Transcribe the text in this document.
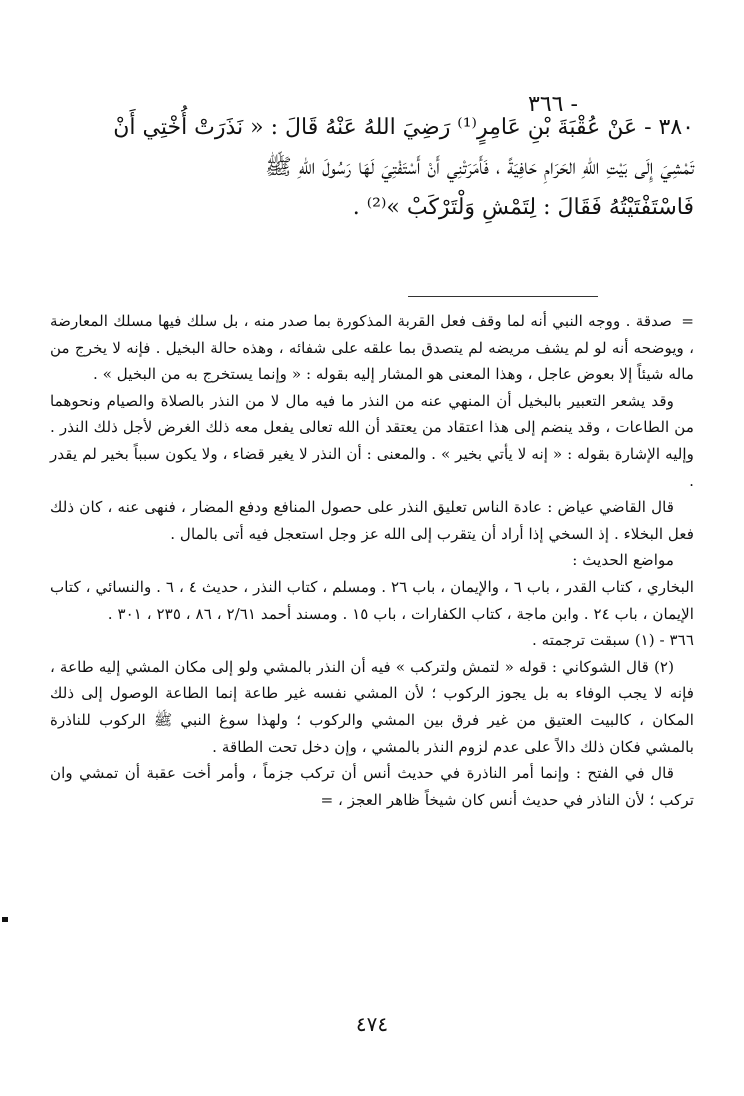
٣٦٦ -

٣٨٠ - عَنْ عُقْبَةَ بْنِ عَامِرٍ⁽¹⁾ رَضِيَ اللهُ عَنْهُ قَالَ : « نَذَرَتْ أُخْتِي أَنْ

تَمْشِيَ إِلَى بَيْتِ اللهِ الحَرَامِ حَافِيَةً ، فَأَمَرَتْنِي أَنْ أَسْتَفْتِيَ لَهَا رَسُولَ اللهِ ﷺ

فَاسْتَفْتَيْتُهُ فَقَالَ : لِتَمْشِ وَلْتَرْكَبْ »⁽²⁾ .

=صدقة . ووجه النبي أنه لما وقف فعل القربة المذكورة بما صدر منه ، بل سلك فيها مسلك المعارضة ، ويوضحه أنه لو لم يشف مريضه لم يتصدق بما علقه على شفائه ، وهذه حالة البخيل . فإنه لا يخرج من ماله شيئاً إلا بعوض عاجل ، وهذا المعنى هو المشار إليه بقوله : « وإنما يستخرج به من البخيل » .

وقد يشعر التعبير بالبخيل أن المنهي عنه من النذر ما فيه مال لا من النذر بالصلاة والصيام ونحوهما من الطاعات ، وقد ينضم إلى هذا اعتقاد من يعتقد أن الله تعالى يفعل معه ذلك الغرض لأجل ذلك النذر . وإليه الإشارة بقوله : « إنه لا يأتي بخير » . والمعنى : أن النذر لا يغير قضاء ، ولا يكون سبباً بخير لم يقدر .

قال القاضي عياض : عادة الناس تعليق النذر على حصول المنافع ودفع المضار ، فنهى عنه ، كان ذلك فعل البخلاء . إذ السخي إذا أراد أن يتقرب إلى الله عز وجل استعجل فيه أتى بالمال .

مواضع الحديث :

البخاري ، كتاب القدر ، باب ٦ ، والإيمان ، باب ٢٦ . ومسلم ، كتاب النذر ، حديث ٤ ، ٦ . والنسائي ، كتاب الإيمان ، باب ٢٤ . وابن ماجة ، كتاب الكفارات ، باب ١٥ . ومسند أحمد ٢/٦١ ، ٨٦ ، ٢٣٥ ، ٣٠١ .

٣٦٦ - (١) سبقت ترجمته .

(٢) قال الشوكاني : قوله « لتمش ولتركب » فيه أن النذر بالمشي ولو إلى مكان المشي إليه طاعة ، فإنه لا يجب الوفاء به بل يجوز الركوب ؛ لأن المشي نفسه غير طاعة إنما الطاعة الوصول إلى ذلك المكان ، كالبيت العتيق من غير فرق بين المشي والركوب ؛ ولهذا سوغ النبي ﷺ الركوب للناذرة بالمشي فكان ذلك دالاً على عدم لزوم النذر بالمشي ، وإن دخل تحت الطاقة .

قال في الفتح : وإنما أمر الناذرة في حديث أنس أن تركب جزماً ، وأمر أخت عقبة أن تمشي وان تركب ؛ لأن الناذر في حديث أنس كان شيخاً ظاهر العجز ، =

٤٧٤
